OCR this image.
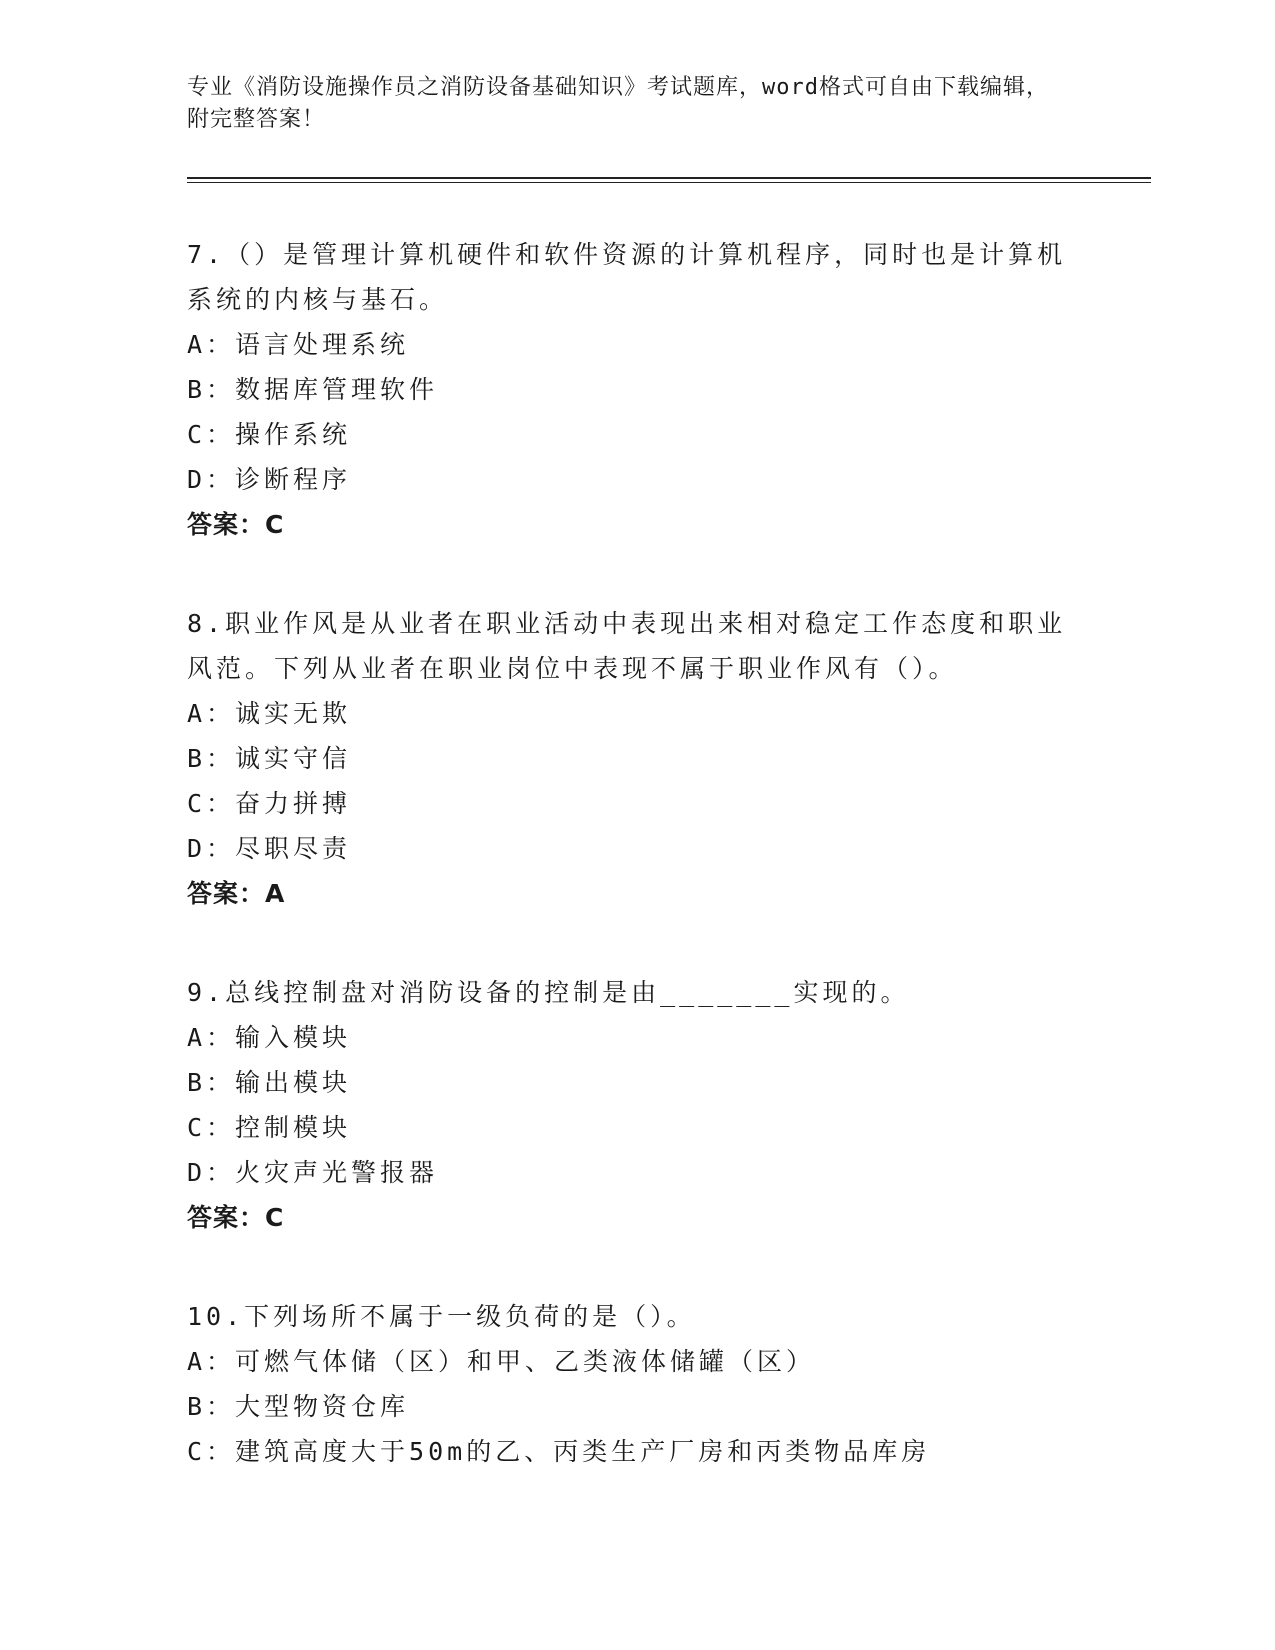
专业《消防设施操作员之消防设备基础知识》考试题库，word格式可自由下载编辑，附完整答案！

7.（）是管理计算机硬件和软件资源的计算机程序，同时也是计算机系统的内核与基石。

A：语言处理系统

B：数据库管理软件

C：操作系统

D：诊断程序

答案：C

8.职业作风是从业者在职业活动中表现出来相对稳定工作态度和职业风范。下列从业者在职业岗位中表现不属于职业作风有（）。

A：诚实无欺

B：诚实守信

C：奋力拼搏

D：尽职尽责

答案：A

9.总线控制盘对消防设备的控制是由_______实现的。

A：输入模块

B：输出模块

C：控制模块

D：火灾声光警报器

答案：C

10.下列场所不属于一级负荷的是（）。

A：可燃气体储（区）和甲、乙类液体储罐（区）

B：大型物资仓库

C：建筑高度大于50m的乙、丙类生产厂房和丙类物品库房
